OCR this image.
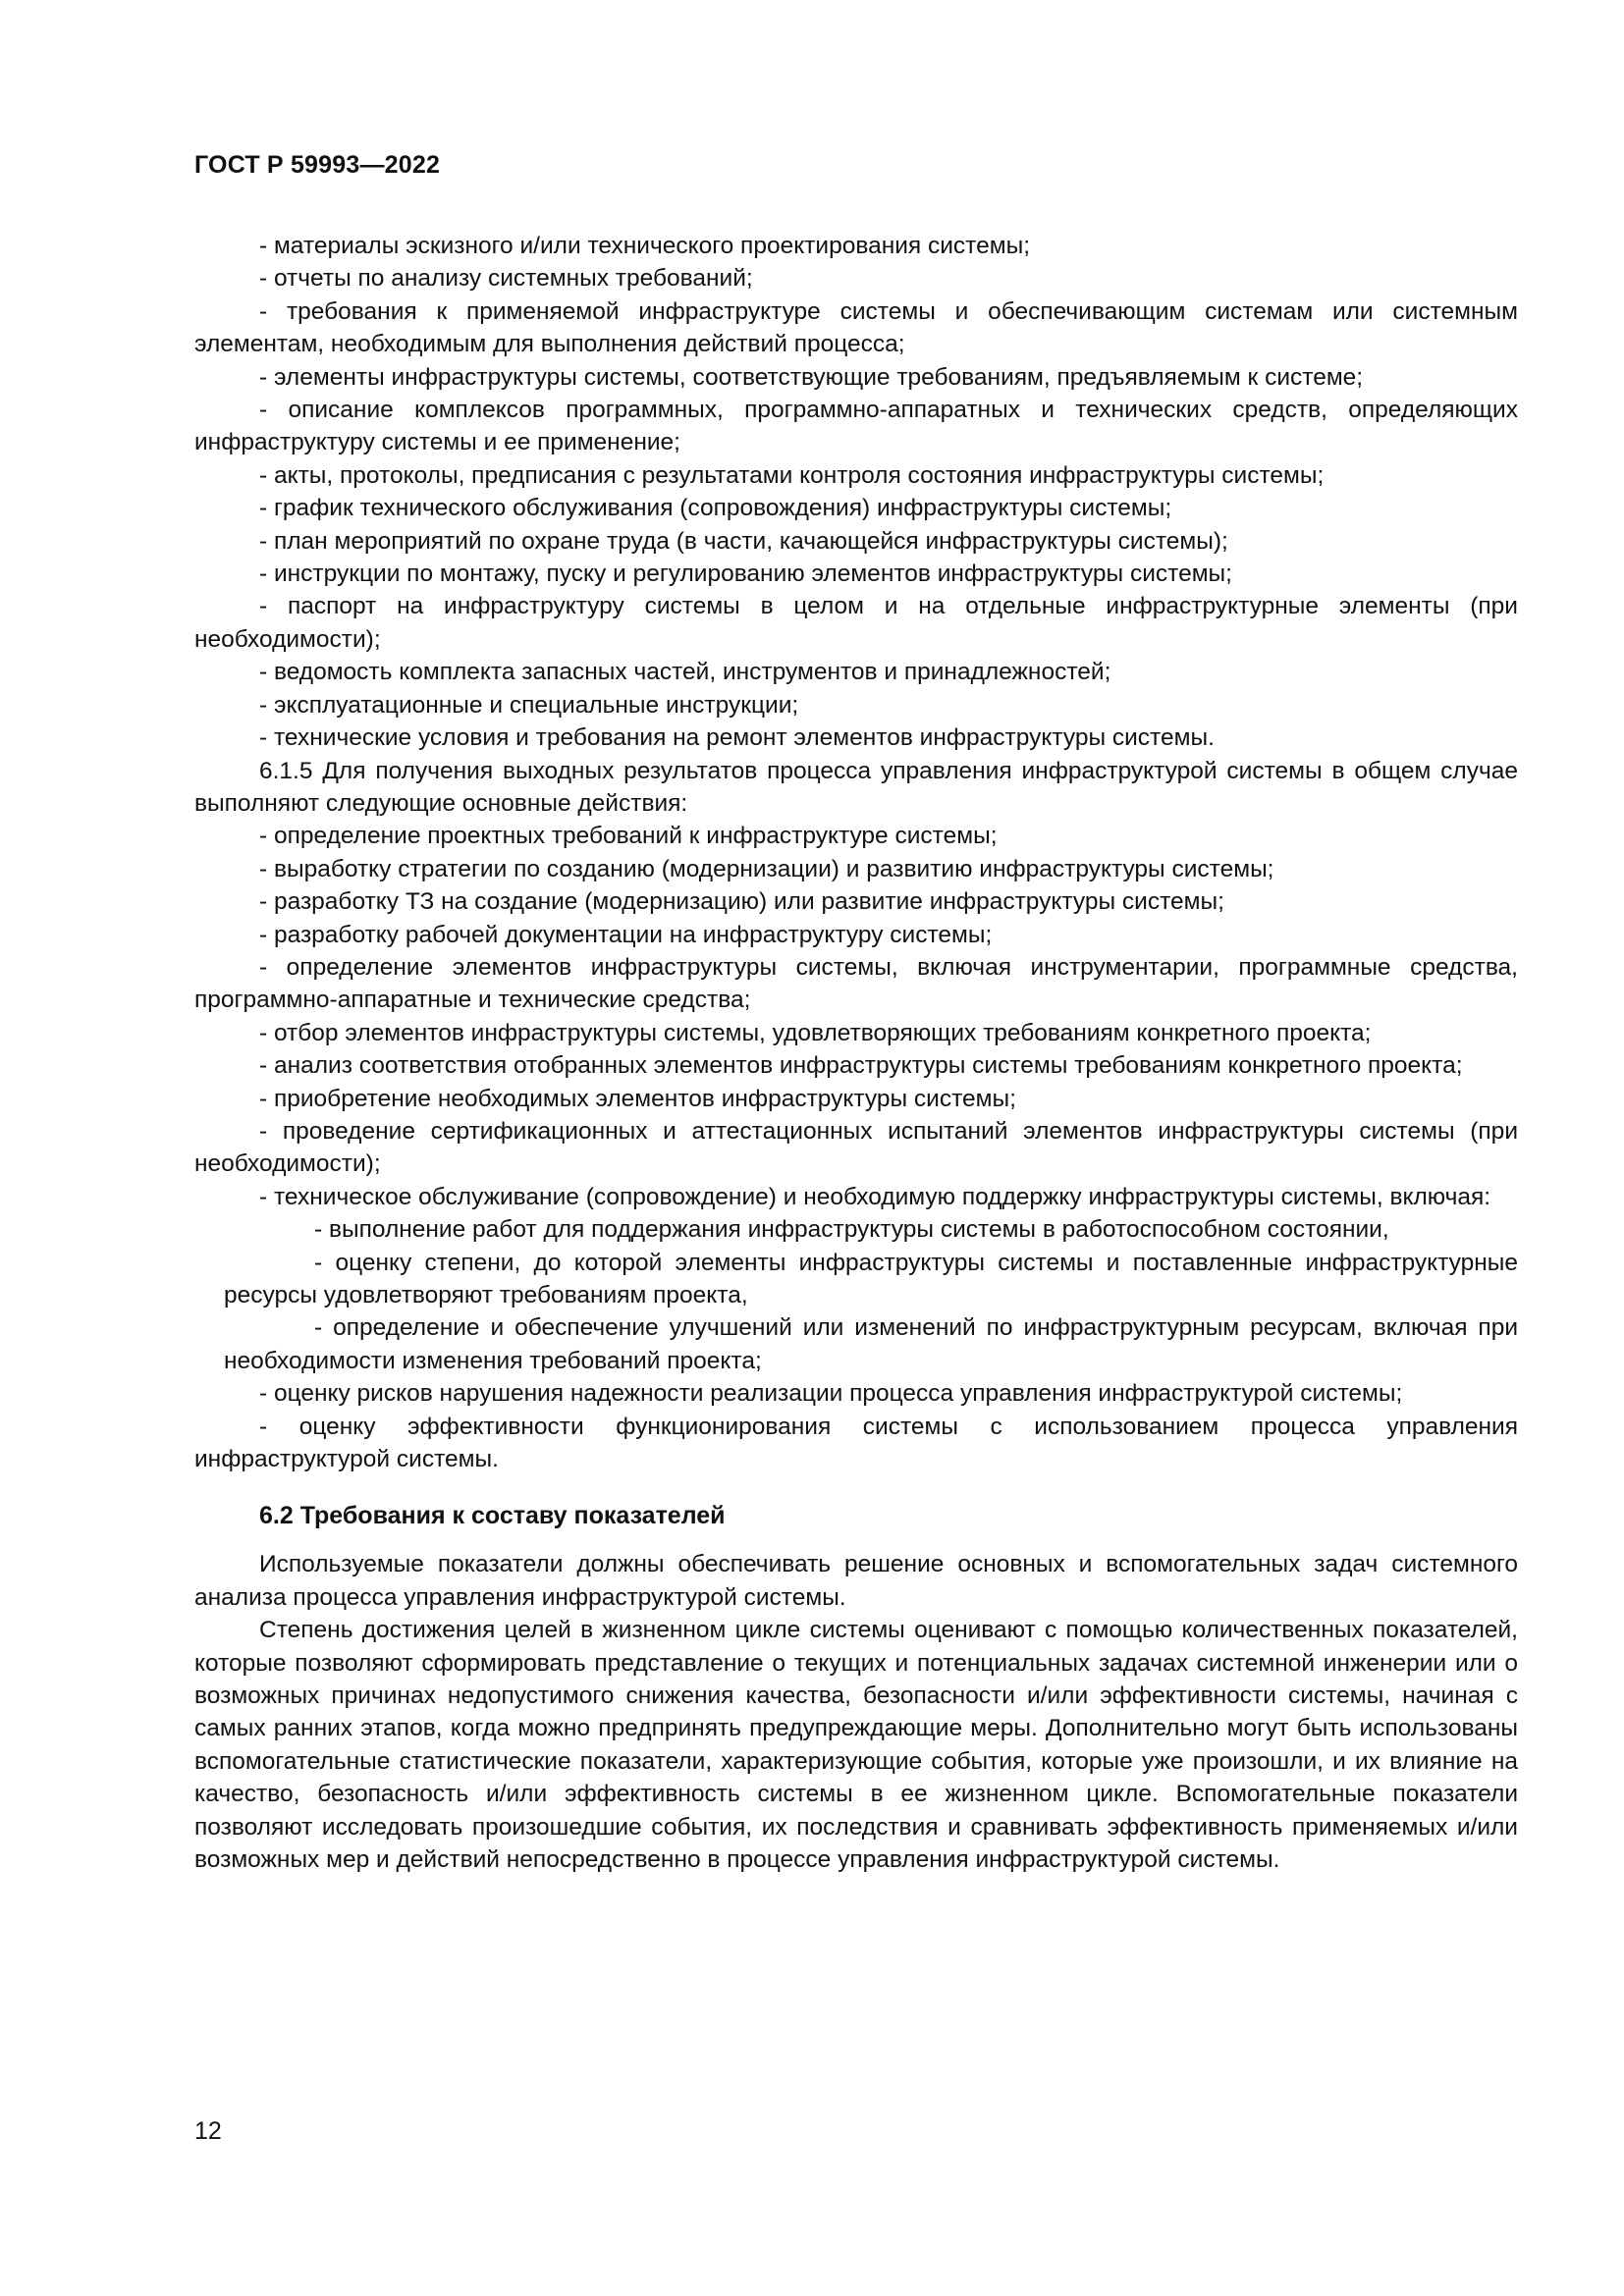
ГОСТ Р 59993—2022

- материалы эскизного и/или технического проектирования системы;

- отчеты по анализу системных требований;

- требования к применяемой инфраструктуре системы и обеспечивающим системам или системным элементам, необходимым для выполнения действий процесса;

- элементы инфраструктуры системы, соответствующие требованиям, предъявляемым к системе;

- описание комплексов программных, программно-аппаратных и технических средств, определяющих инфраструктуру системы и ее применение;

- акты, протоколы, предписания с результатами контроля состояния инфраструктуры системы;

- график технического обслуживания (сопровождения) инфраструктуры системы;

- план мероприятий по охране труда (в части, качающейся инфраструктуры системы);

- инструкции по монтажу, пуску и регулированию элементов инфраструктуры системы;

- паспорт на инфраструктуру системы в целом и на отдельные инфраструктурные элементы (при необходимости);

- ведомость комплекта запасных частей, инструментов и принадлежностей;

- эксплуатационные и специальные инструкции;

- технические условия и требования на ремонт элементов инфраструктуры системы.

6.1.5 Для получения выходных результатов процесса управления инфраструктурой системы в общем случае выполняют следующие основные действия:

- определение проектных требований к инфраструктуре системы;

- выработку стратегии по созданию (модернизации) и развитию инфраструктуры системы;

- разработку ТЗ на создание (модернизацию) или развитие инфраструктуры системы;

- разработку рабочей документации на инфраструктуру системы;

- определение элементов инфраструктуры системы, включая инструментарии, программные средства, программно-аппаратные и технические средства;

- отбор элементов инфраструктуры системы, удовлетворяющих требованиям конкретного проекта;

- анализ соответствия отобранных элементов инфраструктуры системы требованиям конкретного проекта;

- приобретение необходимых элементов инфраструктуры системы;

- проведение сертификационных и аттестационных испытаний элементов инфраструктуры системы (при необходимости);

- техническое обслуживание (сопровождение) и необходимую поддержку инфраструктуры системы, включая:

- выполнение работ для поддержания инфраструктуры системы в работоспособном состоянии,

- оценку степени, до которой элементы инфраструктуры системы и поставленные инфраструктурные ресурсы удовлетворяют требованиям проекта,

- определение и обеспечение улучшений или изменений по инфраструктурным ресурсам, включая при необходимости изменения требований проекта;

- оценку рисков нарушения надежности реализации процесса управления инфраструктурой системы;

- оценку эффективности функционирования системы с использованием процесса управления инфраструктурой системы.

6.2 Требования к составу показателей

Используемые показатели должны обеспечивать решение основных и вспомогательных задач системного анализа процесса управления инфраструктурой системы.

Степень достижения целей в жизненном цикле системы оценивают с помощью количественных показателей, которые позволяют сформировать представление о текущих и потенциальных задачах системной инженерии или о возможных причинах недопустимого снижения качества, безопасности и/или эффективности системы, начиная с самых ранних этапов, когда можно предпринять предупреждающие меры. Дополнительно могут быть использованы вспомогательные статистические показатели, характеризующие события, которые уже произошли, и их влияние на качество, безопасность и/или эффективность системы в ее жизненном цикле. Вспомогательные показатели позволяют исследовать произошедшие события, их последствия и сравнивать эффективность применяемых и/или возможных мер и действий непосредственно в процессе управления инфраструктурой системы.

12
